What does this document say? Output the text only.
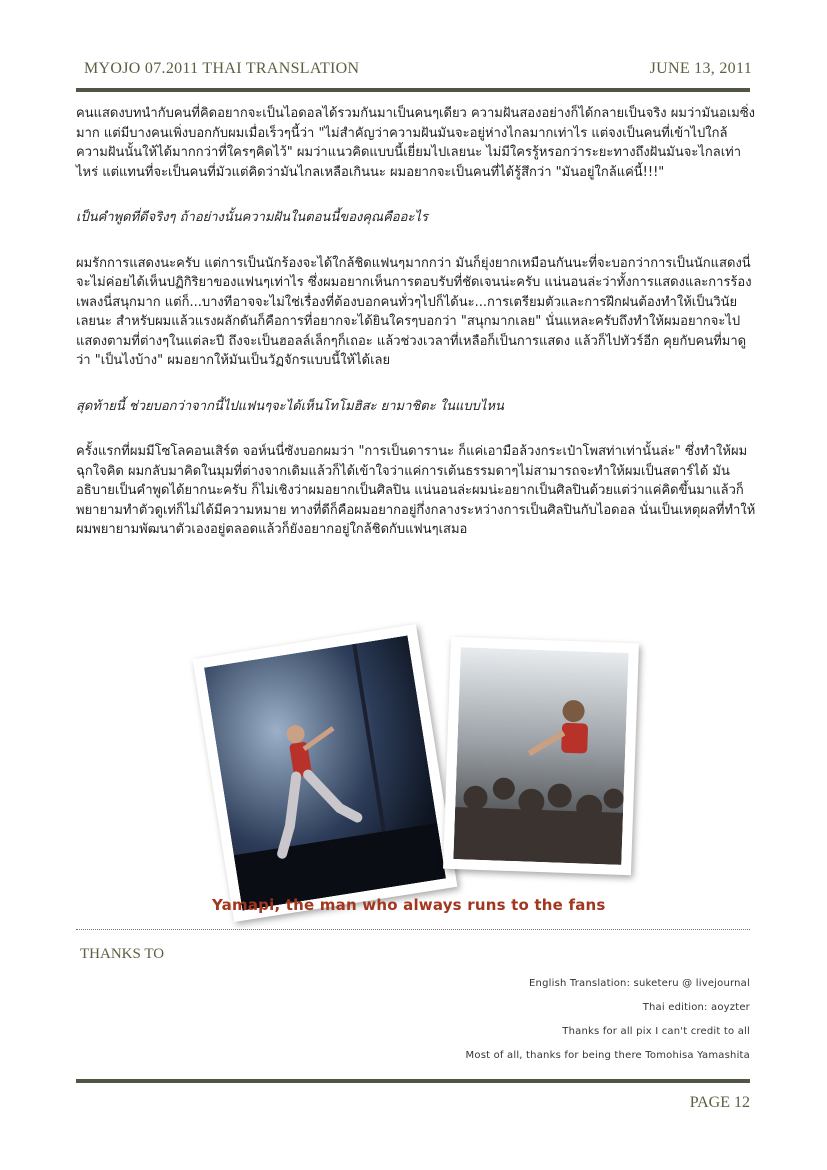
MYOJO 07.2011 THAI TRANSLATION	JUNE 13, 2011

คนแสดงบทนำกับคนที่คิดอยากจะเป็นไอดอลได้รวมกันมาเป็นคนๆเดียว ความฝันสองอย่างก็ได้กลายเป็นจริง ผมว่ามันอเมซิ่งมาก แต่มีบางคนเพิ่งบอกกับผมเมื่อเร็วๆนี้ว่า "ไม่สำคัญว่าความฝันมันจะอยู่ห่างไกลมากเท่าไร แต่จงเป็นคนที่เข้าไปใกล้ความฝันนั้นให้ได้มากกว่าที่ใครๆคิดไว้" ผมว่าแนวคิดแบบนี้เยี่ยมไปเลยนะ ไม่มีใครรู้หรอกว่าระยะทางถึงฝันมันจะไกลเท่าไหร่ แต่แทนที่จะเป็นคนที่มัวแต่คิดว่ามันไกลเหลือเกินนะ ผมอยากจะเป็นคนที่ได้รู้สึกว่า "มันอยู่ใกล้แค่นี้!!!"

เป็นคำพูดที่ดีจริงๆ ถ้าอย่างนั้นความฝันในตอนนี้ของคุณคืออะไร

ผมรักการแสดงนะครับ แต่การเป็นนักร้องจะได้ใกล้ชิดแฟนๆมากกว่า มันก็ยุ่งยากเหมือนกันนะที่จะบอกว่าการเป็นนักแสดงนี่จะไม่ค่อยได้เห็นปฏิกิริยาของแฟนๆเท่าไร ซึ่งผมอยากเห็นการตอบรับที่ชัดเจนน่ะครับ แน่นอนล่ะว่าทั้งการแสดงและการร้องเพลงนี่สนุกมาก แต่ก็...บางทีอาจจะไม่ใช่เรื่องที่ต้องบอกคนทั่วๆไปก็ได้นะ...การเตรียมตัวและการฝึกฝนต้องทำให้เป็นวินัยเลยนะ สำหรับผมแล้วแรงผลักดันก็คือการที่อยากจะได้ยินใครๆบอกว่า "สนุกมากเลย" นั่นแหละครับถึงทำให้ผมอยากจะไปแสดงตามที่ต่างๆในแต่ละปี ถึงจะเป็นฮอลล์เล็กๆก็เถอะ แล้วช่วงเวลาที่เหลือก็เป็นการแสดง แล้วก็ไปทัวร์อีก คุยกับคนที่มาดูว่า "เป็นไงบ้าง" ผมอยากให้มันเป็นวัฏจักรแบบนี้ให้ได้เลย

สุดท้ายนี้ ช่วยบอกว่าจากนี้ไปแฟนๆจะได้เห็นโทโมฮิสะ ยามาชิตะ ในแบบไหน

ครั้งแรกที่ผมมีโซโลคอนเสิร์ต จอห์นนี่ซังบอกผมว่า "การเป็นดารานะ ก็แค่เอามือล้วงกระเป๋าโพสท่าเท่านั้นล่ะ" ซึ่งทำให้ผมฉุกใจคิด ผมกลับมาคิดในมุมที่ต่างจากเดิมแล้วก็ได้เข้าใจว่าแค่การเต้นธรรมดาๆไม่สามารถจะทำให้ผมเป็นสตาร์ได้ มันอธิบายเป็นคำพูดได้ยากนะครับ ก็ไม่เชิงว่าผมอยากเป็นศิลปิน แน่นอนล่ะผมน่ะอยากเป็นศิลปินด้วยแต่ว่าแค่คิดขึ้นมาแล้วก็พยายามทำตัวดูเท่ก็ไม่ได้มีความหมาย ทางที่ดีก็คือผมอยากอยู่กึ่งกลางระหว่างการเป็นศิลปินกับไอดอล นั่นเป็นเหตุผลที่ทำให้ผมพยายามพัฒนาตัวเองอยู่ตลอดแล้วก็ยังอยากอยู่ใกล้ชิดกับแฟนๆเสมอ

Yamapi, the man who always runs to the fans
THANKS TO
English Translation: suketeru @ livejournal
Thai edition: aoyzter
Thanks for all pix I can't credit to all
Most of all, thanks for being there Tomohisa Yamashita
PAGE 12
